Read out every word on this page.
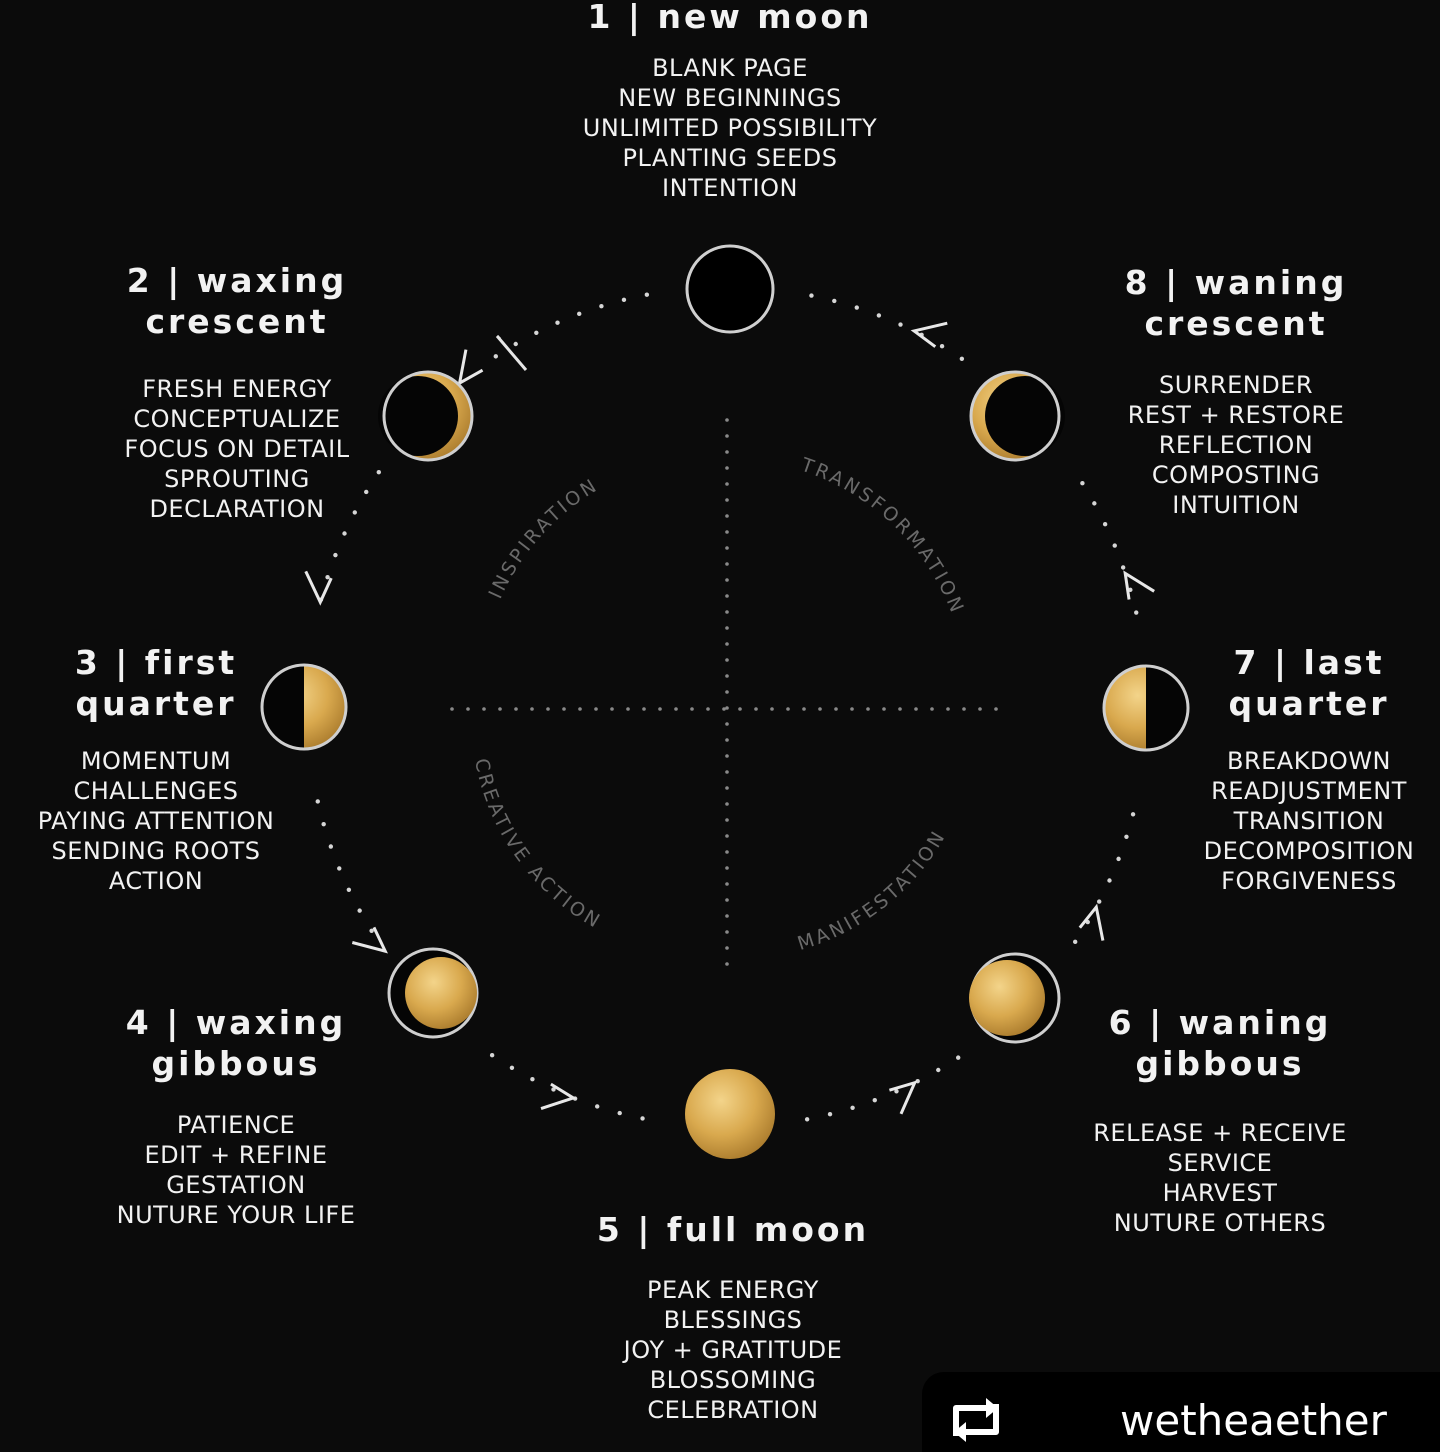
INSPIRATION
TRANSFORMATION
MANIFESTATION
CREATIVE ACTION
1 | new moon
BLANK PAGE
NEW BEGINNINGS
UNLIMITED POSSIBILITY
PLANTING SEEDS
INTENTION
2 | waxing
crescent
FRESH ENERGY
CONCEPTUALIZE
FOCUS ON DETAIL
SPROUTING
DECLARATION
3 | first
quarter
MOMENTUM
CHALLENGES
PAYING ATTENTION
SENDING ROOTS
ACTION
4 | waxing
gibbous
PATIENCE
EDIT + REFINE
GESTATION
NUTURE YOUR LIFE	5 | full moon
PEAK ENERGY
BLESSINGS
JOY + GRATITUDE
BLOSSOMING
CELEBRATION
6 | waning
gibbous
RELEASE + RECEIVE
SERVICE
HARVEST
NUTURE OTHERS
7 | last
quarter
BREAKDOWN
READJUSTMENT
TRANSITION
DECOMPOSITION
FORGIVENESS
8 | waning
crescent
SURRENDER
REST + RESTORE
REFLECTION
COMPOSTING
INTUITION
wetheaether
